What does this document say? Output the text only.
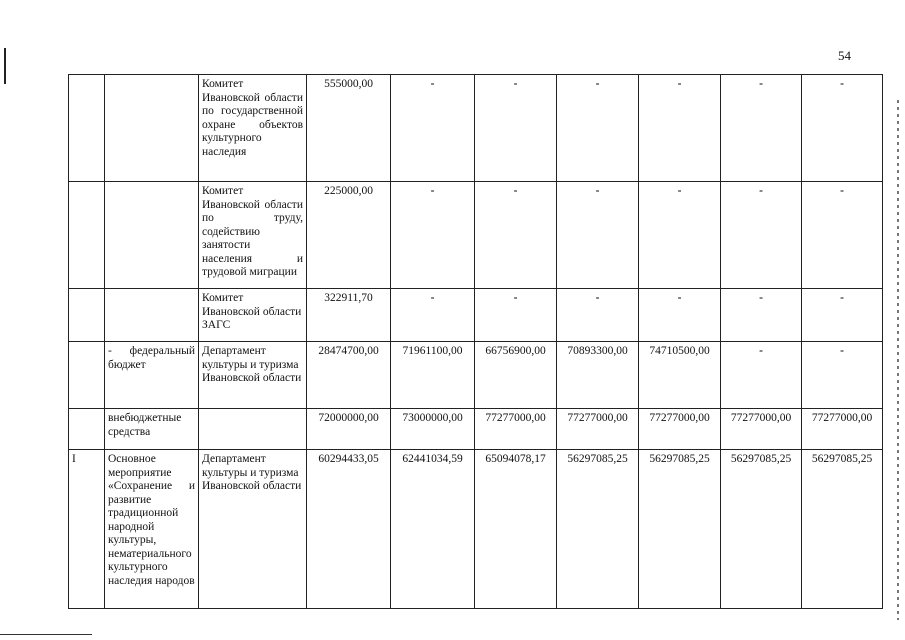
54

		Комитет Ивановской области по государственной охране объектов культурного наследия	555000,00	-	-	-	-	-	-

		Комитет Ивановской области по труду, содействию занятости населения и трудовой миграции	225000,00	-	-	-	-	-	-

		Комитет Ивановской области ЗАГС	322911,70	-	-	-	-	-	-

	- федеральный бюджет	Департамент культуры и туризма Ивановской области	28474700,00	71961100,00	66756900,00	70893300,00	74710500,00	-	-

	внебюджетные средства		72000000,00	73000000,00	77277000,00	77277000,00	77277000,00	77277000,00	77277000,00
I	Основное мероприятие «Сохранение и развитие традиционной народной культуры, нематериального культурного наследия народов	Департамент культуры и туризма Ивановской области	60294433,05	62441034,59	65094078,17	56297085,25	56297085,25	56297085,25	56297085,25
